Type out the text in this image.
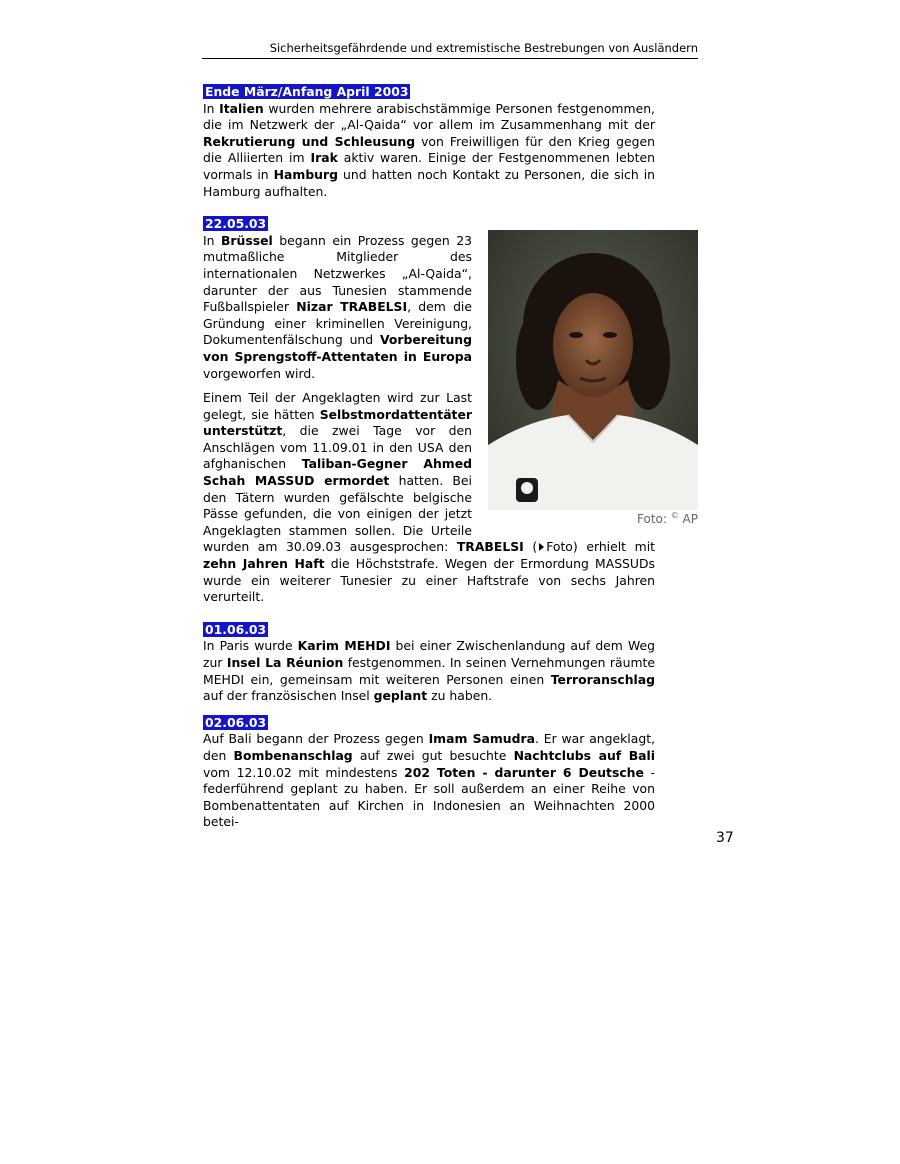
Sicherheitsgefährdende und extremistische Bestrebungen von Ausländern
Ende März/Anfang April 2003

In Italien wurden mehrere arabischstämmige Personen festgenommen, die im Netzwerk der „Al-Qaida“ vor allem im Zusammenhang mit der Rekrutierung und Schleusung von Freiwilligen für den Krieg gegen die Alliierten im Irak aktiv waren. Einige der Festgenommenen lebten vormals in Hamburg und hatten noch Kontakt zu Personen, die sich in Hamburg aufhalten.

22.05.03
Foto: © AP

In Brüssel begann ein Prozess gegen 23 mutmaßliche Mitglieder des internationalen Netzwerkes „Al-Qaida“, darunter der aus Tunesien stammende Fußballspieler Nizar TRABELSI, dem die Gründung einer kriminellen Vereinigung, Dokumentenfälschung und Vorbereitung von Sprengstoff-Attentaten in Europa vorgeworfen wird.

Einem Teil der Angeklagten wird zur Last gelegt, sie hätten Selbstmordattentäter unterstützt, die zwei Tage vor den Anschlägen vom 11.09.01 in den USA den afghanischen Taliban-Gegner Ahmed Schah MASSUD ermordet hatten. Bei den Tätern wurden gefälschte belgische Pässe gefunden, die von einigen der jetzt Angeklagten stammen sollen. Die Urteile wurden am 30.09.03 ausgesprochen: TRABELSI ( Foto) erhielt mit zehn Jahren Haft die Höchststrafe. Wegen der Ermordung MASSUDs wurde ein weiterer Tunesier zu einer Haftstrafe von sechs Jahren verurteilt.

01.06.03

In Paris wurde Karim MEHDI bei einer Zwischenlandung auf dem Weg zur Insel La Réunion festgenommen. In seinen Vernehmungen räumte MEHDI ein, gemeinsam mit weiteren Personen einen Terroranschlag auf der französischen Insel geplant zu haben.

02.06.03

Auf Bali begann der Prozess gegen Imam Samudra. Er war angeklagt, den Bombenanschlag auf zwei gut besuchte Nachtclubs auf Bali vom 12.10.02 mit mindestens 202 Toten - darunter 6 Deutsche - federführend geplant zu haben. Er soll außerdem an einer Reihe von Bombenattentaten auf Kirchen in Indonesien an Weihnachten 2000 betei-

37
